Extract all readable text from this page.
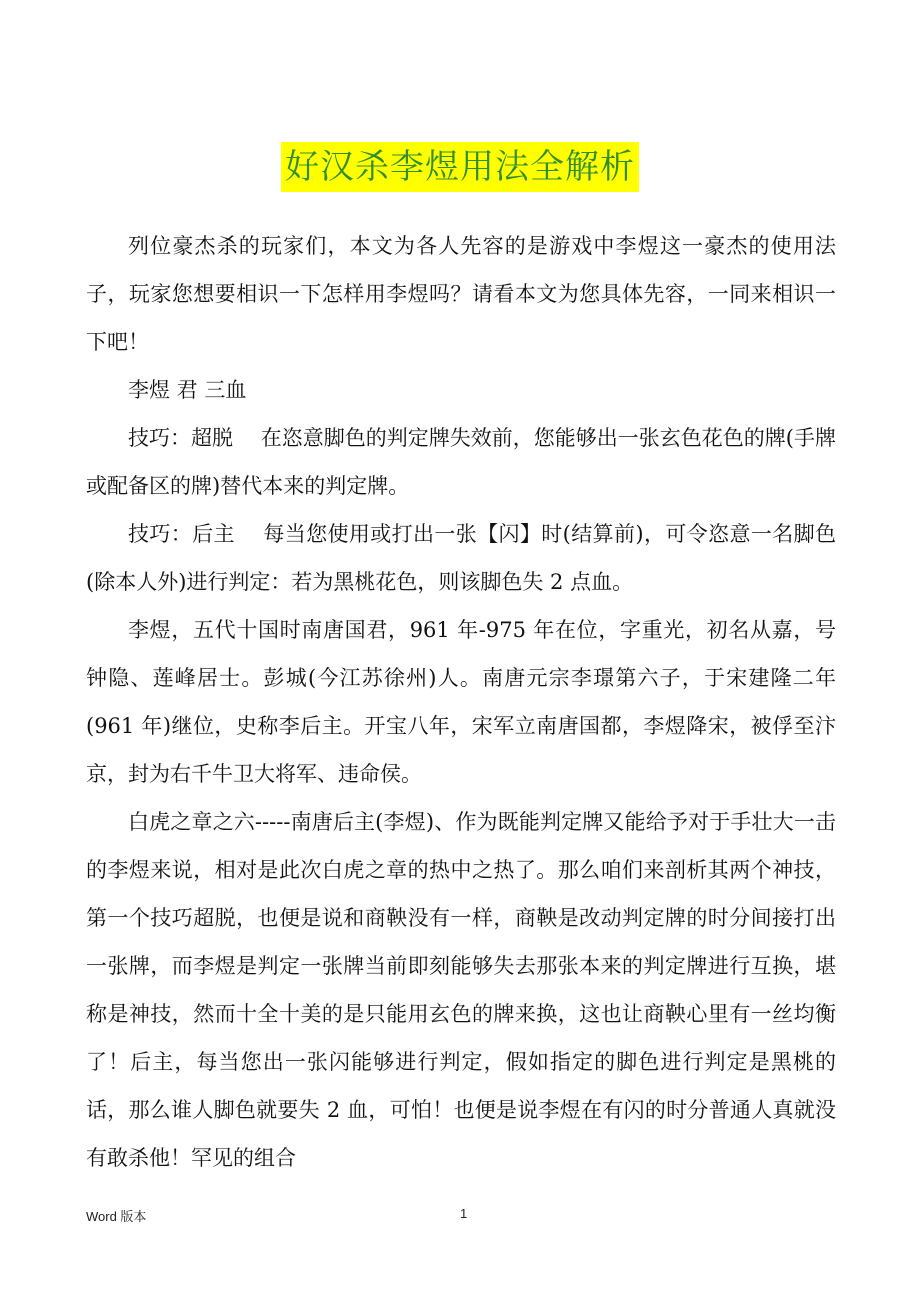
好汉杀李煜用法全解析

列位豪杰杀的玩家们，本文为各人先容的是游戏中李煜这一豪杰的使用法子，玩家您想要相识一下怎样用李煜吗？请看本文为您具体先容，一同来相识一下吧！

李煜 君 三血

技巧：超脱　 在恣意脚色的判定牌失效前，您能够出一张玄色花色的牌(手牌或配备区的牌)替代本来的判定牌。

技巧：后主　 每当您使用或打出一张【闪】时(结算前)，可令恣意一名脚色(除本人外)进行判定：若为黑桃花色，则该脚色失 2 点血。

李煜，五代十国时南唐国君，961 年-975 年在位，字重光，初名从嘉，号钟隐、莲峰居士。彭城(今江苏徐州)人。南唐元宗李璟第六子，于宋建隆二年(961 年)继位，史称李后主。开宝八年，宋军立南唐国都，李煜降宋，被俘至汴京，封为右千牛卫大将军、违命侯。

白虎之章之六-----南唐后主(李煜)、作为既能判定牌又能给予对于手壮大一击的李煜来说，相对是此次白虎之章的热中之热了。那么咱们来剖析其两个神技，第一个技巧超脱，也便是说和商鞅没有一样，商鞅是改动判定牌的时分间接打出一张牌，而李煜是判定一张牌当前即刻能够失去那张本来的判定牌进行互换，堪称是神技，然而十全十美的是只能用玄色的牌来换，这也让商鞅心里有一丝均衡了！后主，每当您出一张闪能够进行判定，假如指定的脚色进行判定是黑桃的话，那么谁人脚色就要失 2 血，可怕！也便是说李煜在有闪的时分普通人真就没有敢杀他！罕见的组合

Word 版本	1
